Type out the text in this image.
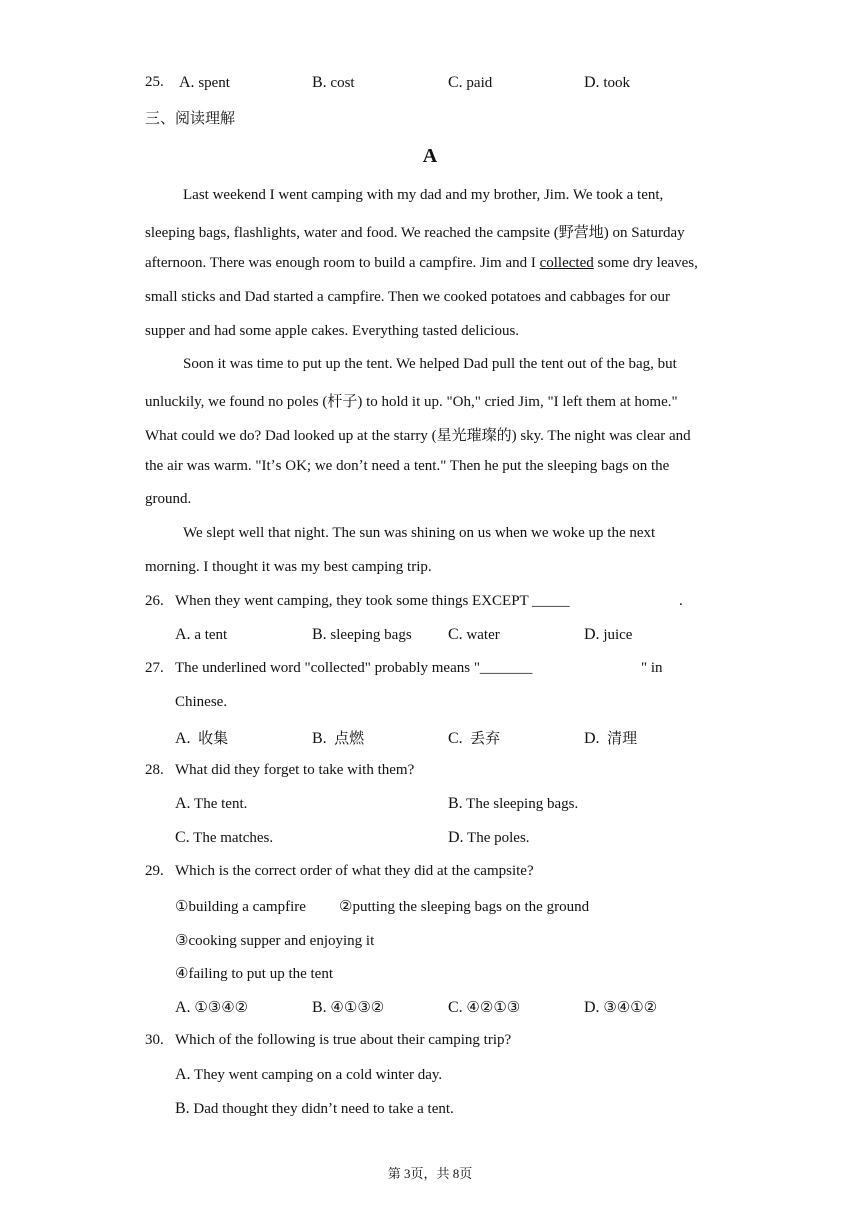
25. A. spent	B. cost	C. paid	D. took
三、阅读理解
A
Last weekend I went camping with my dad and my brother, Jim. We took a tent,
sleeping bags, flashlights, water and food. We reached the campsite (野营地) on Saturday
afternoon. There was enough room to build a campfire. Jim and I collected some dry leaves,
small sticks and Dad started a campfire. Then we cooked potatoes and cabbages for our
supper and had some apple cakes. Everything tasted delicious.
Soon it was time to put up the tent. We helped Dad pull the tent out of the bag, but
unluckily, we found no poles (杆子) to hold it up. "Oh," cried Jim, "I left them at home."
What could we do? Dad looked up at the starry (星光璀璨的) sky. The night was clear and
the air was warm. "Itʼs OK; we donʼt need a tent." Then he put the sleeping bags on the
ground.
We slept well that night. The sun was shining on us when we woke up the next
morning. I thought it was my best camping trip.
26. When they went camping, they took some things EXCEPT _____	.
A. a tent	B. sleeping bags C. water	D. juice
27. The underlined word "collected" probably means "_______	" in
Chinese.
A. 收集	B. 点燃	C. 丢弃	D. 清理
28. What did they forget to take with them?
A. The tent.	B. The sleeping bags.
C. The matches.	D. The poles.
29. Which is the correct order of what they did at the campsite?
①building a campfire ②putting the sleeping bags on the ground
③cooking supper and enjoying it
④failing to put up the tent
A. ①③④②	B. ④①③②	C. ④②①③	D. ③④①②
30. Which of the following is true about their camping trip?
A. They went camping on a cold winter day.
B. Dad thought they didnʼt need to take a tent.
第 3页，共 8页
